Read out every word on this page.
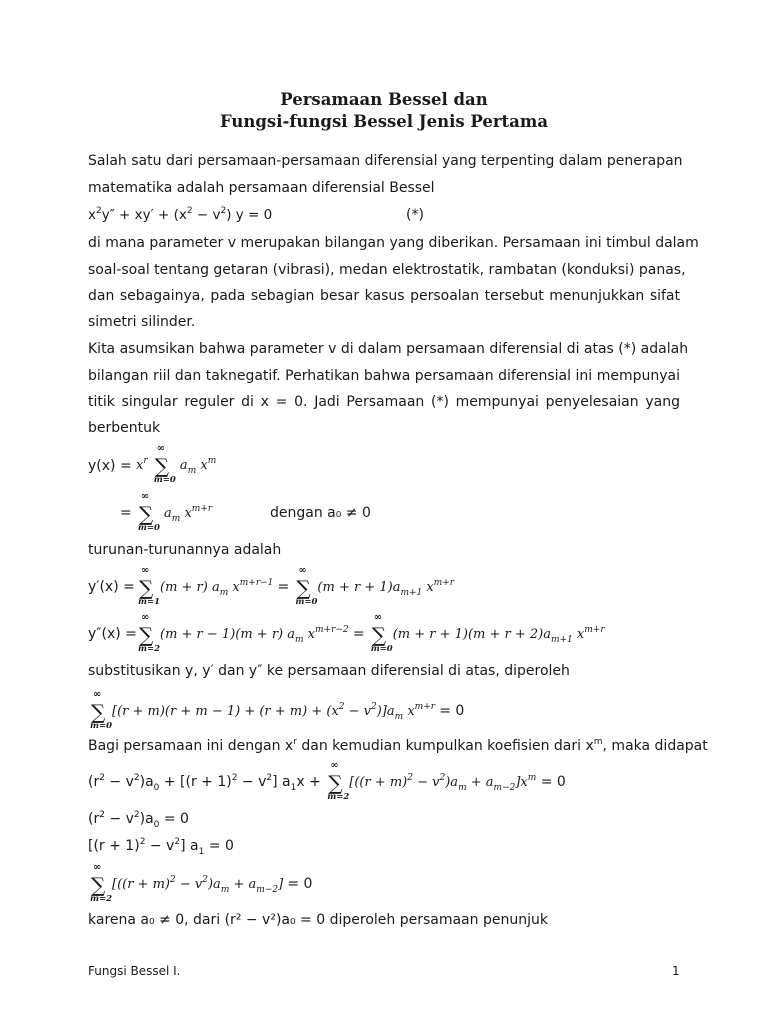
Persamaan Bessel dan
Fungsi-fungsi Bessel Jenis Pertama
Salah satu dari persamaan-persamaan diferensial yang terpenting dalam penerapan
matematika adalah persamaan diferensial Bessel
$x^2y'' + xy' + (x^2 - v^2) y = 0$	(*)
di mana parameter v merupakan bilangan yang diberikan. Persamaan ini timbul dalam
soal-soal tentang getaran (vibrasi), medan elektrostatik, rambatan (konduksi) panas,
dan sebagainya, pada sebagian besar kasus persoalan tersebut menunjukkan sifat
simetri silinder.
Kita asumsikan bahwa parameter v di dalam persamaan diferensial di atas (*) adalah
bilangan riil dan taknegatif. Perhatikan bahwa persamaan diferensial ini mempunyai
titik singular reguler di x = 0. Jadi Persamaan (*) mempunyai penyelesaian yang
berbentuk
$y(x) = x^r$
∞
∑
m=0
$a_m$ $x^m$
=
∞
∑
m=0
$a_m$ $x^{m+r}$	dengan a₀ ≠ 0
turunan-turunannya adalah
y′(x) =
∞
∑
m=1
(m + r) $a_m$ $x^{m+r-1}$ =
∞
∑
m=0
$(m + r + 1)a_{m+1}$ $x^{m+r}$
y″(x) =
∞
∑
m=2
(m + r − 1)(m + r) $a_m$ $x^{m+r-2}$ =
∞
∑
m=0
$(m + r + 1)(m + r + 2)a_{m+1}$ $x^{m+r}$
substitusikan y, y′ dan y″ ke persamaan diferensial di atas, diperoleh
∞
∑
m=0
$[(r + m)(r + m - 1) + (r + m) + (x^2 - v^2)]a_m$ $x^{m+r} = 0$
Bagi persamaan ini dengan $x^r$ dan kemudian kumpulkan koefisien dari $x^m$, maka didapat
$(r^2 - v^2)a_0 + [(r + 1)^2 - v^2] a_1x$ +
∞
∑
m=2
$[((r + m)^2 - v^2)a_m + a_{m-2}]x^m = 0$
$(r^2 - v^2)a_0 = 0$
$[(r + 1)^2 - v^2]$ $a_1 = 0$
∞
∑
m=2
$[((r + m)^2 - v^2)a_m + a_{m-2}] = 0$
karena a₀ ≠ 0, dari (r² − v²)a₀ = 0 diperoleh persamaan penunjuk
Fungsi Bessel I.	1
